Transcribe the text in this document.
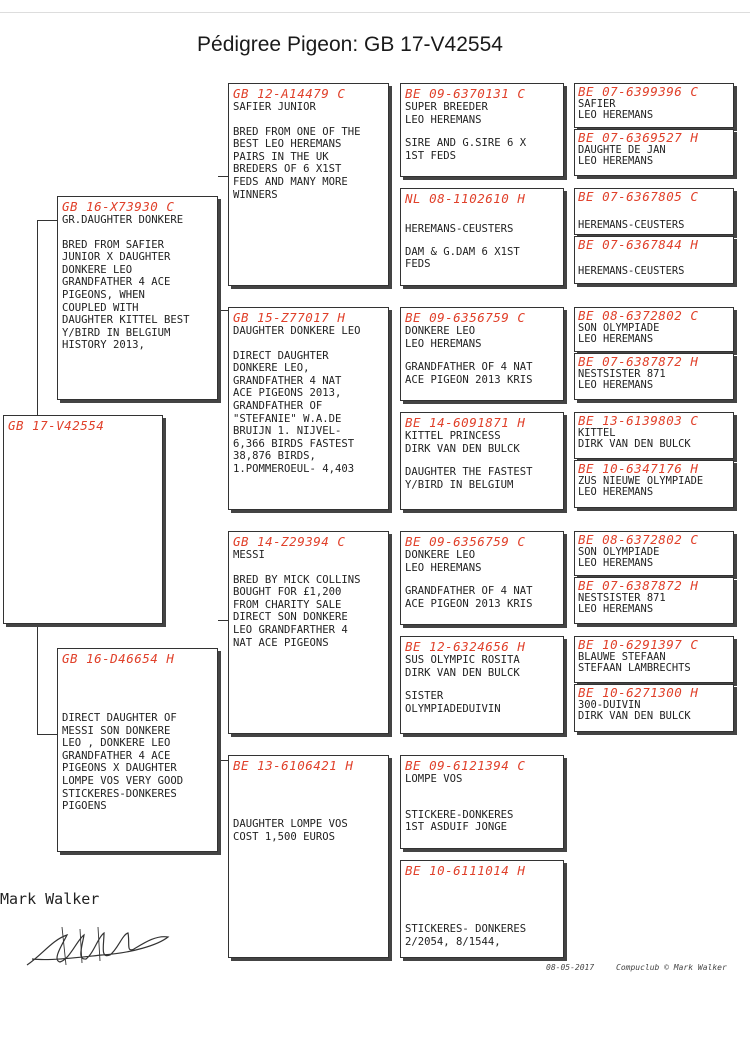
Pédigree Pigeon: GB 17-V42554
GB 17-V42554
GB 16-X73930 C
GR.DAUGHTER DONKERE
BRED FROM SAFIER
JUNIOR X DAUGHTER
DONKERE LEO
GRANDFATHER 4 ACE
PIGEONS, WHEN
COUPLED WITH
DAUGHTER KITTEL BEST
Y/BIRD IN BELGIUM
HISTORY 2013,
GB 16-D46654 H
DIRECT DAUGHTER OF
MESSI SON DONKERE
LEO , DONKERE LEO
GRANDFATHER 4 ACE
PIGEONS X DAUGHTER
LOMPE VOS VERY GOOD
STICKERES-DONKERES
PIGOENS
GB 12-A14479 C
SAFIER JUNIOR
BRED FROM ONE OF THE
BEST LEO HEREMANS
PAIRS IN THE UK
BREDERS OF 6 X1ST
FEDS AND MANY MORE
WINNERS
GB 15-Z77017 H
DAUGHTER DONKERE LEO
DIRECT DAUGHTER
DONKERE LEO,
GRANDFATHER 4 NAT
ACE PIGEONS 2013,
GRANDFATHER OF
"STEFANIE" W.A.DE
BRUIJN 1. NIJVEL-
6,366 BIRDS FASTEST
38,876 BIRDS,
1.POMMEROEUL- 4,403
GB 14-Z29394 C
MESSI
BRED BY MICK COLLINS
BOUGHT FOR £1,200
FROM CHARITY SALE
DIRECT SON DONKERE
LEO GRANDFARTHER 4
NAT ACE PIGEONS
BE 13-6106421 H
DAUGHTER LOMPE VOS
COST 1,500 EUROS
BE 09-6370131 C
SUPER BREEDER
LEO HEREMANS
SIRE AND G.SIRE 6 X
1ST FEDS
NL 08-1102610 H
HEREMANS-CEUSTERS
DAM & G.DAM 6 X1ST
FEDS
BE 09-6356759 C
DONKERE LEO
LEO HEREMANS
GRANDFATHER OF 4 NAT
ACE PIGEON 2013 KRIS
BE 14-6091871 H
KITTEL PRINCESS
DIRK VAN DEN BULCK
DAUGHTER THE FASTEST
Y/BIRD IN BELGIUM
BE 09-6356759 C
DONKERE LEO
LEO HEREMANS
GRANDFATHER OF 4 NAT
ACE PIGEON 2013 KRIS
BE 12-6324656 H
SUS OLYMPIC ROSITA
DIRK VAN DEN BULCK
SISTER
OLYMPIADEDUIVIN
BE 09-6121394 C
LOMPE VOS
STICKERE-DONKERES
1ST ASDUIF JONGE
BE 10-6111014 H
STICKERES- DONKERES
2/2054, 8/1544,
BE 07-6399396 C
SAFIER
LEO HEREMANS
BE 07-6369527 H
DAUGHTE DE JAN
LEO HEREMANS
BE 07-6367805 C
HEREMANS-CEUSTERS
BE 07-6367844 H
HEREMANS-CEUSTERS
BE 08-6372802 C
SON OLYMPIADE
LEO HEREMANS
BE 07-6387872 H
NESTSISTER 871
LEO HEREMANS
BE 13-6139803 C
KITTEL
DIRK VAN DEN BULCK
BE 10-6347176 H
ZUS NIEUWE OLYMPIADE
LEO HEREMANS
BE 08-6372802 C
SON OLYMPIADE
LEO HEREMANS
BE 07-6387872 H
NESTSISTER 871
LEO HEREMANS
BE 10-6291397 C
BLAUWE STEFAAN
STEFAAN LAMBRECHTS
BE 10-6271300 H
300-DUIVIN
DIRK VAN DEN BULCK
Mark Walker
08-05-2017	Compuclub © Mark Walker
